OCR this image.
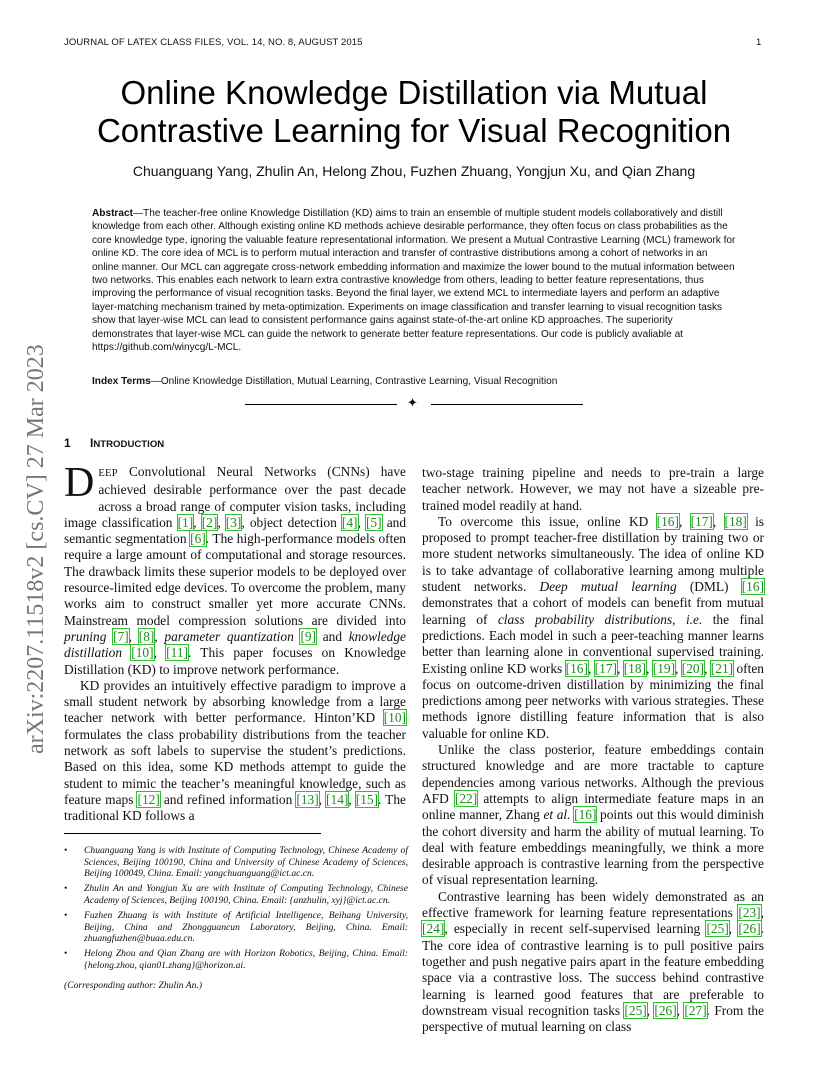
JOURNAL OF LATEX CLASS FILES, VOL. 14, NO. 8, AUGUST 2015	1
arXiv:2207.11518v2 [cs.CV] 27 Mar 2023
Online Knowledge Distillation via Mutual
Contrastive Learning for Visual Recognition
Chuanguang Yang, Zhulin An, Helong Zhou, Fuzhen Zhuang, Yongjun Xu, and Qian Zhang
Abstract—The teacher-free online Knowledge Distillation (KD) aims to train an ensemble of multiple student models collaboratively and distill knowledge from each other. Although existing online KD methods achieve desirable performance, they often focus on class probabilities as the core knowledge type, ignoring the valuable feature representational information. We present a Mutual Contrastive Learning (MCL) framework for online KD. The core idea of MCL is to perform mutual interaction and transfer of contrastive distributions among a cohort of networks in an online manner. Our MCL can aggregate cross-network embedding information and maximize the lower bound to the mutual information between two networks. This enables each network to learn extra contrastive knowledge from others, leading to better feature representations, thus improving the performance of visual recognition tasks. Beyond the final layer, we extend MCL to intermediate layers and perform an adaptive layer-matching mechanism trained by meta-optimization. Experiments on image classification and transfer learning to visual recognition tasks show that layer-wise MCL can lead to consistent performance gains against state-of-the-art online KD approaches. The superiority demonstrates that layer-wise MCL can guide the network to generate better feature representations. Our code is publicly avaliable at https://github.com/winycg/L-MCL.
Index Terms—Online Knowledge Distillation, Mutual Learning, Contrastive Learning, Visual Recognition
✦
1 INTRODUCTION

DEEP Convolutional Neural Networks (CNNs) have achieved desirable performance over the past decade across a broad range of computer vision tasks, including image classification [1], [2], [3], object detection [4], [5] and semantic segmentation [6]. The high-performance models often require a large amount of computational and storage resources. The drawback limits these superior models to be deployed over resource-limited edge devices. To overcome the problem, many works aim to construct smaller yet more accurate CNNs. Mainstream model compression solutions are divided into pruning [7], [8], parameter quantization [9] and knowledge distillation [10], [11]. This paper focuses on Knowledge Distillation (KD) to improve network performance.

KD provides an intuitively effective paradigm to improve a small student network by absorbing knowledge from a large teacher network with better performance. Hinton’KD [10] formulates the class probability distributions from the teacher network as soft labels to supervise the student’s predictions. Based on this idea, some KD methods attempt to guide the student to mimic the teacher’s meaningful knowledge, such as feature maps [12] and refined information [13], [14], [15]. The traditional KD follows a

• Chuanguang Yang is with Institute of Computing Technology, Chinese Academy of Sciences, Beijing 100190, China and University of Chinese Academy of Sciences, Beijing 100049, China. Email: yangchuanguang@ict.ac.cn.
• Zhulin An and Yongjun Xu are with Institute of Computing Technology, Chinese Academy of Sciences, Beijing 100190, China. Email: {anzhulin, xyj}@ict.ac.cn.
• Fuzhen Zhuang is with Institute of Artificial Intelligence, Beihang University, Beijing, China and Zhongguancun Laboratory, Beijing, China. Email: zhuangfuzhen@buaa.edu.cn.
• Helong Zhou and Qian Zhang are with Horizon Robotics, Beijing, China. Email: {helong.zhou, qian01.zhang}@horizon.ai.
(Corresponding author: Zhulin An.)

two-stage training pipeline and needs to pre-train a large teacher network. However, we may not have a sizeable pre-trained model readily at hand.

To overcome this issue, online KD [16], [17], [18] is proposed to prompt teacher-free distillation by training two or more student networks simultaneously. The idea of online KD is to take advantage of collaborative learning among multiple student networks. Deep mutual learning (DML) [16] demonstrates that a cohort of models can benefit from mutual learning of class probability distributions, i.e. the final predictions. Each model in such a peer-teaching manner learns better than learning alone in conventional supervised training. Existing online KD works [16], [17], [18], [19], [20], [21] often focus on outcome-driven distillation by minimizing the final predictions among peer networks with various strategies. These methods ignore distilling feature information that is also valuable for online KD.

Unlike the class posterior, feature embeddings contain structured knowledge and are more tractable to capture dependencies among various networks. Although the previous AFD [22] attempts to align intermediate feature maps in an online manner, Zhang et al. [16] points out this would diminish the cohort diversity and harm the ability of mutual learning. To deal with feature embeddings meaningfully, we think a more desirable approach is contrastive learning from the perspective of visual representation learning.

Contrastive learning has been widely demonstrated as an effective framework for learning feature representations [23], [24], especially in recent self-supervised learning [25], [26]. The core idea of contrastive learning is to pull positive pairs together and push negative pairs apart in the feature embedding space via a contrastive loss. The success behind contrastive learning is learned good features that are preferable to downstream visual recognition tasks [25], [26], [27]. From the perspective of mutual learning on class
